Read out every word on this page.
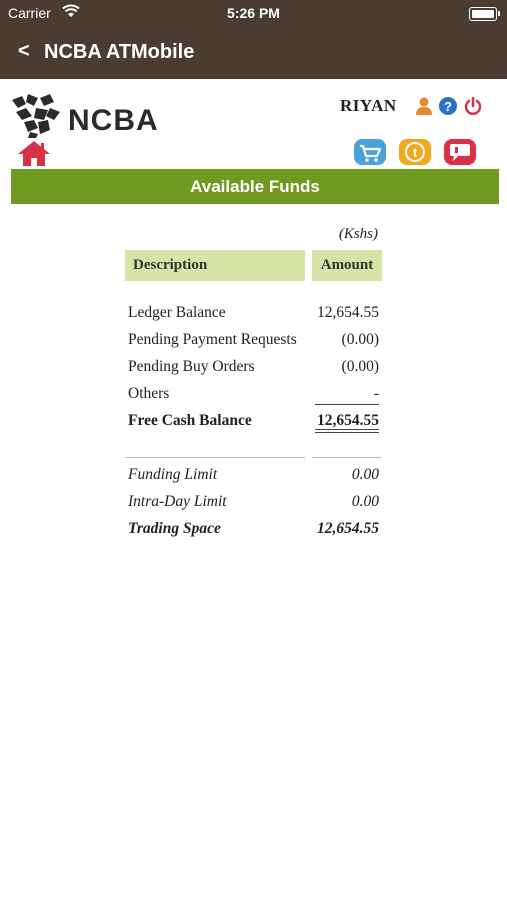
Carrier	5:26 PM
< NCBA ATMobile
NCBA	RIYAN	?
t
Available Funds
(Kshs)
Description	Amount
Ledger Balance	12,654.55
Pending Payment Requests	(0.00)
Pending Buy Orders	(0.00)
Others	-
Free Cash Balance	12,654.55
Funding Limit	0.00
Intra-Day Limit	0.00
Trading Space	12,654.55
